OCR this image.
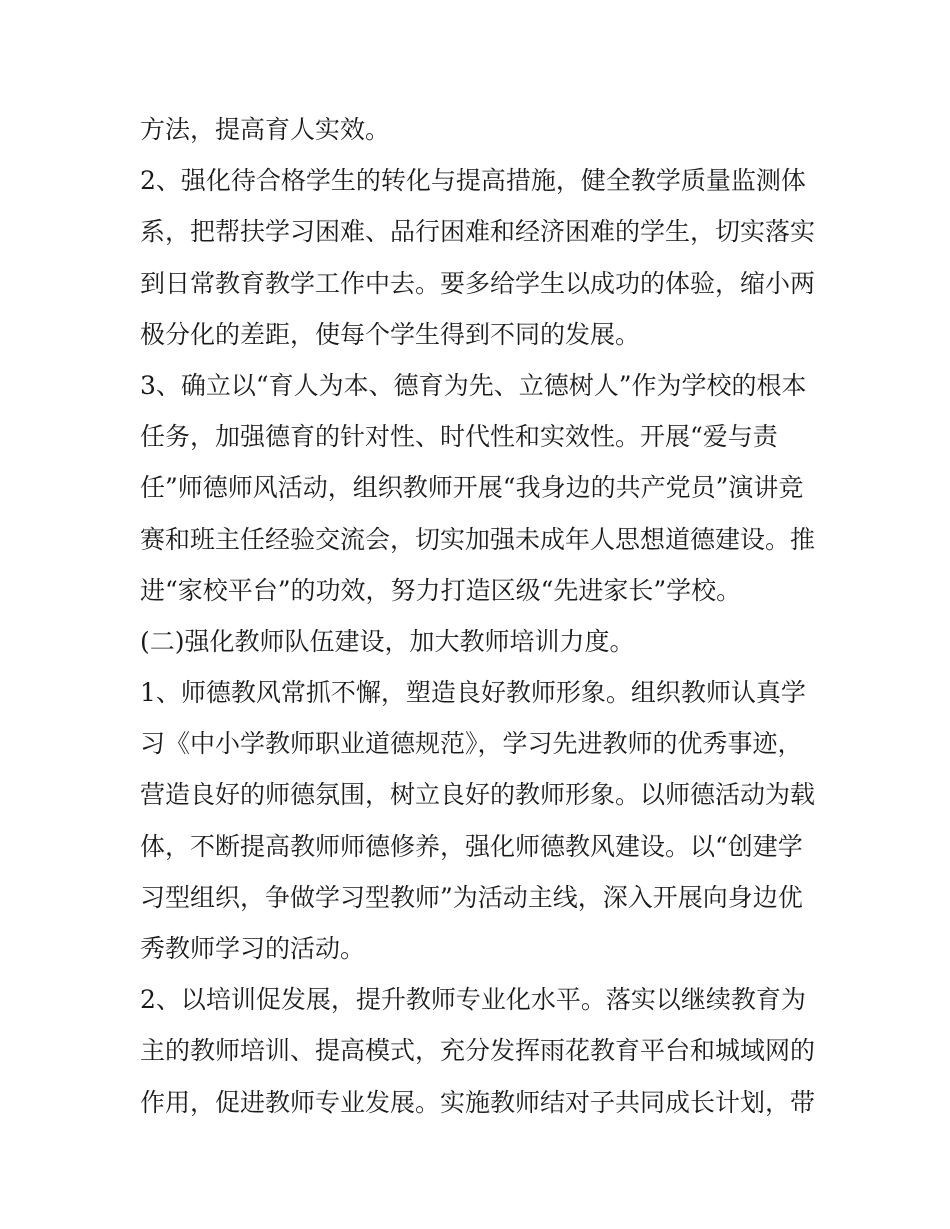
方法，提高育人实效。
2、强化待合格学生的转化与提高措施，健全教学质量监测体
系，把帮扶学习困难、品行困难和经济困难的学生，切实落实
到日常教育教学工作中去。要多给学生以成功的体验，缩小两
极分化的差距，使每个学生得到不同的发展。
3、确立以“育人为本、德育为先、立德树人”作为学校的根本
任务，加强德育的针对性、时代性和实效性。开展“爱与责
任”师德师风活动，组织教师开展“我身边的共产党员”演讲竞
赛和班主任经验交流会，切实加强未成年人思想道德建设。推
进“家校平台”的功效，努力打造区级“先进家长”学校。
(二)强化教师队伍建设，加大教师培训力度。
1、师德教风常抓不懈，塑造良好教师形象。组织教师认真学
习《中小学教师职业道德规范》，学习先进教师的优秀事迹，
营造良好的师德氛围，树立良好的教师形象。以师德活动为载
体，不断提高教师师德修养，强化师德教风建设。以“创建学
习型组织，争做学习型教师”为活动主线，深入开展向身边优
秀教师学习的活动。
2、以培训促发展，提升教师专业化水平。落实以继续教育为
主的教师培训、提高模式，充分发挥雨花教育平台和城域网的
作用，促进教师专业发展。实施教师结对子共同成长计划，带
